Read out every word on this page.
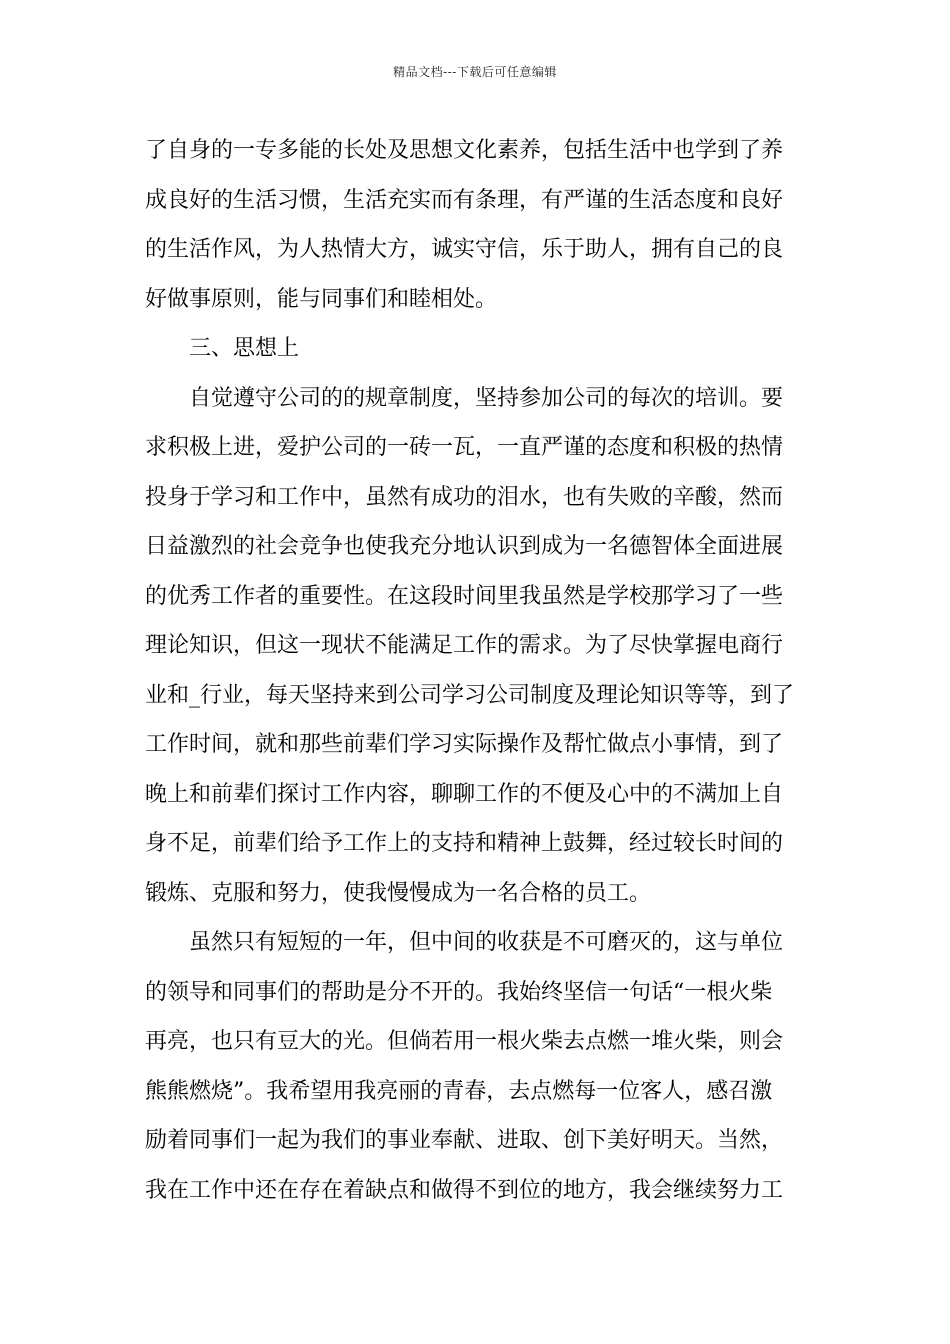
精品文档---下载后可任意编辑
了自身的一专多能的长处及思想文化素养，包括生活中也学到了养
成良好的生活习惯，生活充实而有条理，有严谨的生活态度和良好
的生活作风，为人热情大方，诚实守信，乐于助人，拥有自己的良
好做事原则，能与同事们和睦相处。
三、思想上
自觉遵守公司的的规章制度，坚持参加公司的每次的培训。要
求积极上进，爱护公司的一砖一瓦，一直严谨的态度和积极的热情
投身于学习和工作中，虽然有成功的泪水，也有失败的辛酸，然而
日益激烈的社会竞争也使我充分地认识到成为一名德智体全面进展
的优秀工作者的重要性。在这段时间里我虽然是学校那学习了一些
理论知识，但这一现状不能满足工作的需求。为了尽快掌握电商行
业和_行业，每天坚持来到公司学习公司制度及理论知识等等，到了
工作时间，就和那些前辈们学习实际操作及帮忙做点小事情，到了
晚上和前辈们探讨工作内容，聊聊工作的不便及心中的不满加上自
身不足，前辈们给予工作上的支持和精神上鼓舞，经过较长时间的
锻炼、克服和努力，使我慢慢成为一名合格的员工。
虽然只有短短的一年，但中间的收获是不可磨灭的，这与单位
的领导和同事们的帮助是分不开的。我始终坚信一句话“一根火柴
再亮，也只有豆大的光。但倘若用一根火柴去点燃一堆火柴，则会
熊熊燃烧”。我希望用我亮丽的青春，去点燃每一位客人，感召激
励着同事们一起为我们的事业奉献、进取、创下美好明天。当然，
我在工作中还在存在着缺点和做得不到位的地方，我会继续努力工
